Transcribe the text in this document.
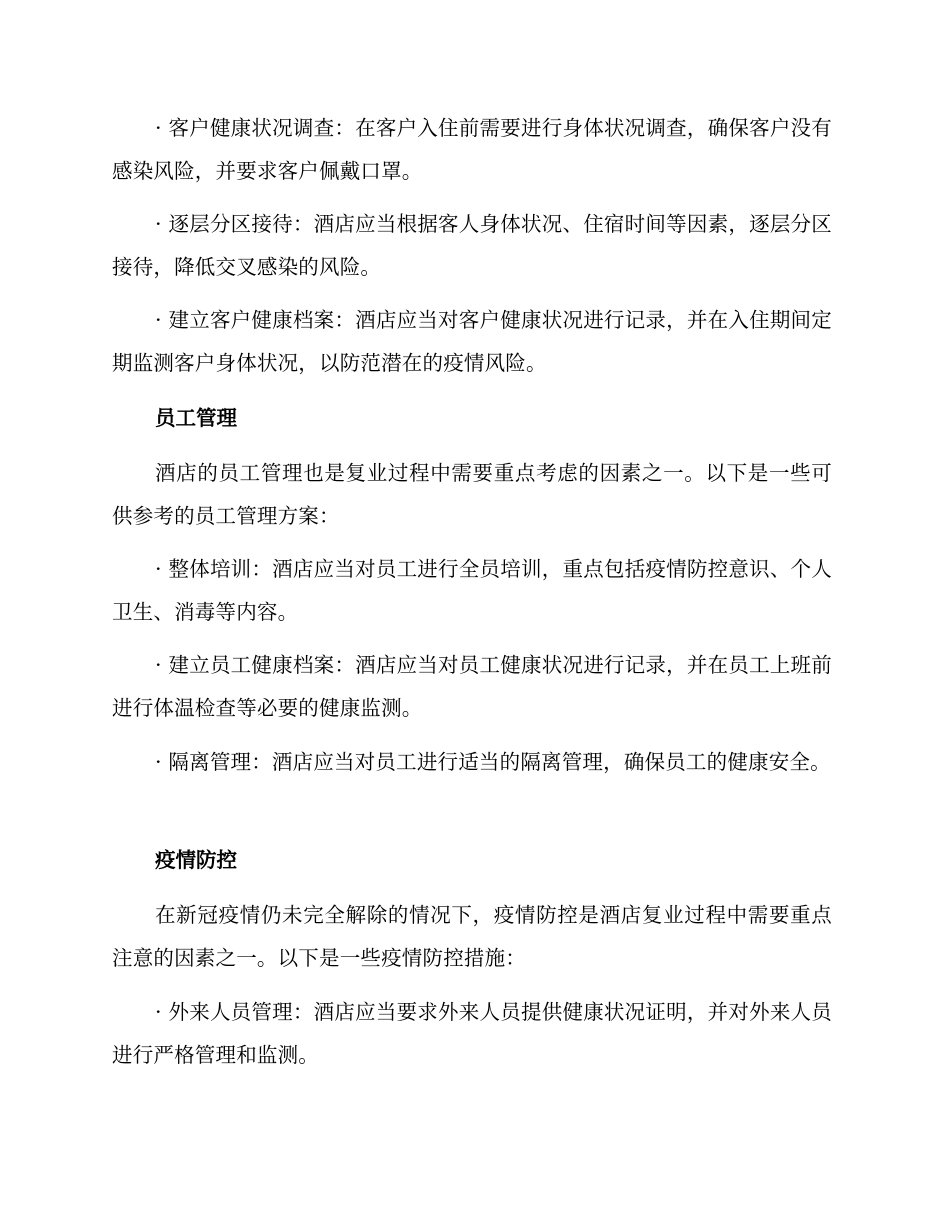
· 客户健康状况调查：在客户入住前需要进行身体状况调查，确保客户没有感染风险，并要求客户佩戴口罩。

· 逐层分区接待：酒店应当根据客人身体状况、住宿时间等因素，逐层分区接待，降低交叉感染的风险。

· 建立客户健康档案：酒店应当对客户健康状况进行记录，并在入住期间定期监测客户身体状况，以防范潜在的疫情风险。

员工管理

酒店的员工管理也是复业过程中需要重点考虑的因素之一。以下是一些可供参考的员工管理方案：

· 整体培训：酒店应当对员工进行全员培训，重点包括疫情防控意识、个人卫生、消毒等内容。

· 建立员工健康档案：酒店应当对员工健康状况进行记录，并在员工上班前进行体温检查等必要的健康监测。

· 隔离管理：酒店应当对员工进行适当的隔离管理，确保员工的健康安全。

疫情防控

在新冠疫情仍未完全解除的情况下，疫情防控是酒店复业过程中需要重点注意的因素之一。以下是一些疫情防控措施：

· 外来人员管理：酒店应当要求外来人员提供健康状况证明，并对外来人员进行严格管理和监测。
